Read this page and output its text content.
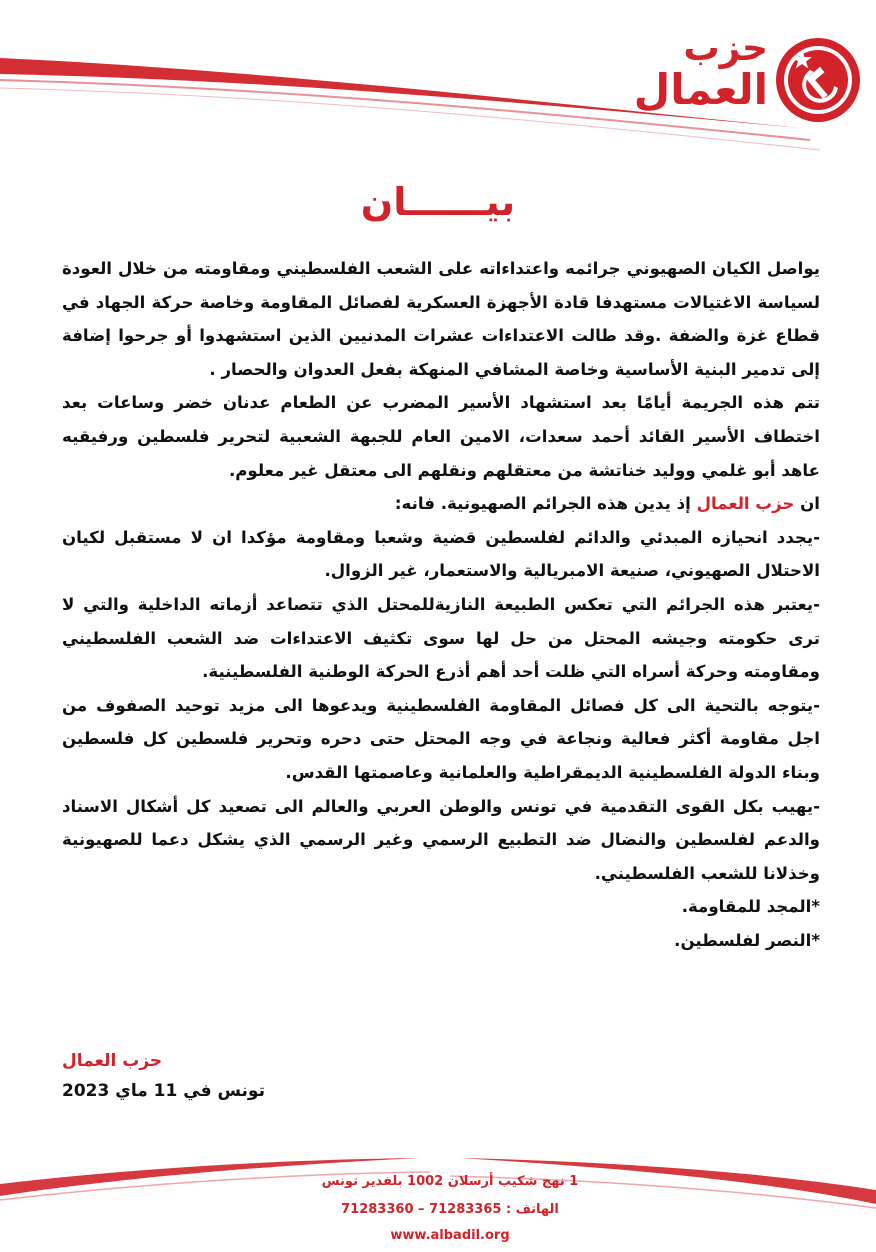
حزب
العمال
بيــــــان

يواصل الكيان الصهيوني جرائمه واعتداءاته على الشعب الفلسطيني ومقاومته من خلال العودة لسياسة الاغتيالات مستهدفا قادة الأجهزة العسكرية لفصائل المقاومة وخاصة حركة الجهاد في قطاع غزة والضفة .وقد طالت الاعتداءات عشرات المدنيين الذين استشهدوا أو جرحوا إضافة إلى تدمير البنية الأساسية وخاصة المشافي المنهكة بفعل العدوان والحصار .

تتم هذه الجريمة أيامًا بعد استشهاد الأسير المضرب عن الطعام عدنان خضر وساعات بعد اختطاف الأسير القائد أحمد سعدات، الامين العام للجبهة الشعبية لتحرير فلسطين ورفيقيه عاهد أبو غلمي ووليد خناتشة من معتقلهم ونقلهم الى معتقل غير معلوم.

ان حزب العمال إذ يدين هذه الجرائم الصهيونية. فانه:

-يجدد انحيازه المبدئي والدائم لفلسطين قضية وشعبا ومقاومة مؤكدا ان لا مستقبل لكيان الاحتلال الصهيوني، صنيعة الامبريالية والاستعمار، غير الزوال.

-يعتبر هذه الجرائم التي تعكس الطبيعة النازيةللمحتل الذي تتصاعد أزماته الداخلية والتي لا ترى حكومته وجيشه المحتل من حل لها سوى تكثيف الاعتداءات ضد الشعب الفلسطيني ومقاومته وحركة أسراه التي ظلت أحد أهم أذرع الحركة الوطنية الفلسطينية.

-يتوجه بالتحية الى كل فصائل المقاومة الفلسطينية ويدعوها الى مزيد توحيد الصفوف من اجل مقاومة أكثر فعالية ونجاعة في وجه المحتل حتى دحره وتحرير فلسطين كل فلسطين وبناء الدولة الفلسطينية الديمقراطية والعلمانية وعاصمتها القدس.

-يهيب بكل القوى التقدمية في تونس والوطن العربي والعالم الى تصعيد كل أشكال الاسناد والدعم لفلسطين والنضال ضد التطبيع الرسمي وغير الرسمي الذي يشكل دعما للصهيونية وخذلانا للشعب الفلسطيني.

*المجد للمقاومة.

*النصر لفلسطين.

حزب العمال
تونس في 11 ماي 2023
1 نهج شكيب أرسلان 1002 بلفدير تونس
الهاتف : 71283365 – 71283360
www.albadil.org
